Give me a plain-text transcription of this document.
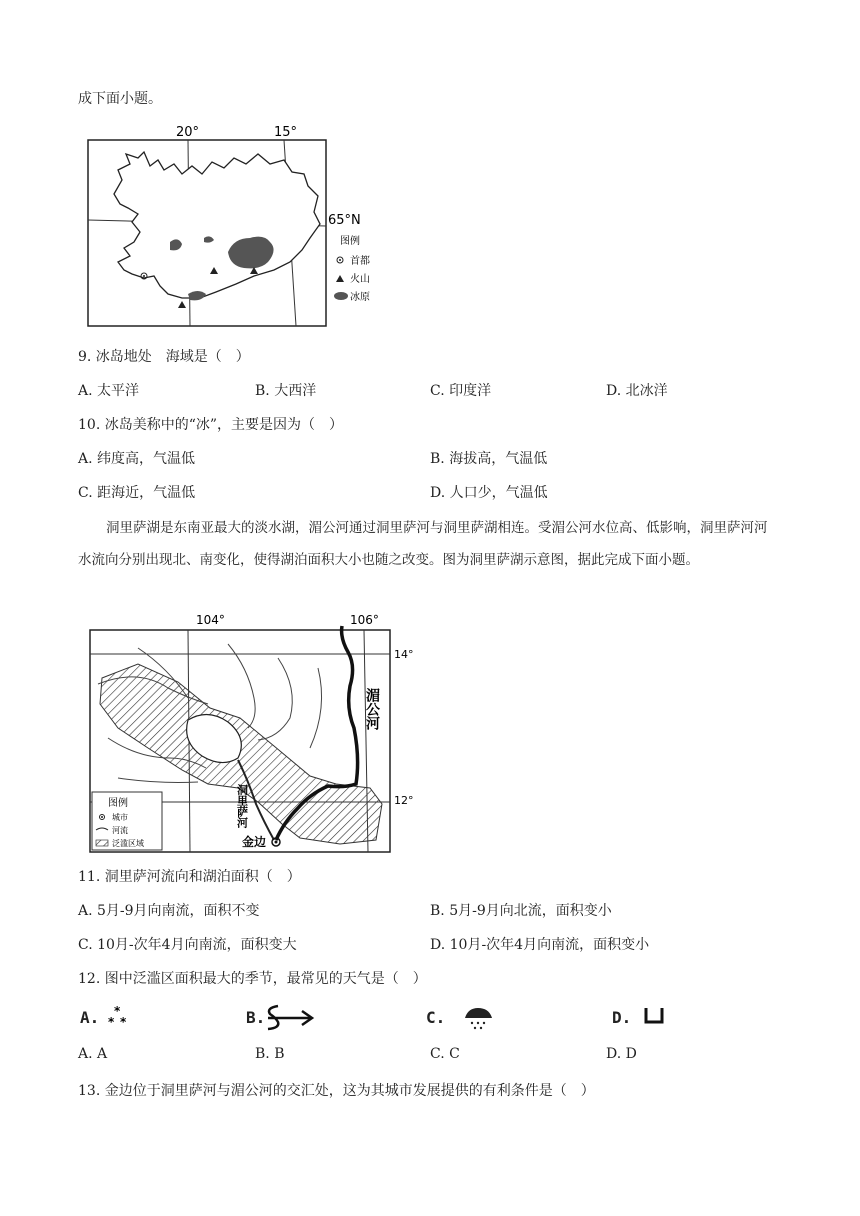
成下面小题。
20°	15°
65°N
图例
首都
火山
冰原
9. 冰岛地处　海域是（　）
A. 太平洋	B. 大西洋	C. 印度洋	D. 北冰洋
10. 冰岛美称中的“冰”，主要是因为（　）
A. 纬度高，气温低	B. 海拔高，气温低
C. 距海近，气温低	D. 人口少，气温低
洞里萨湖是东南亚最大的淡水湖，湄公河通过洞里萨河与洞里萨湖相连。受湄公河水位高、低影响，洞里萨河河水流向分别出现北、南变化，使得湖泊面积大小也随之改变。图为洞里萨湖示意图，据此完成下面小题。
104°	106°
14°
12°
湄公河
洞里萨河
金边
图例
城市
河流
泛滥区域
11. 洞里萨河流向和湖泊面积（　）
A. 5月-9月向南流，面积不变	B. 5月-9月向北流，面积变小
C. 10月-次年4月向南流，面积变大	D. 10月-次年4月向南流，面积变小
12. 图中泛滥区面积最大的季节，最常见的天气是（　）
A. *
* *	B.	C.	D.
A. A	B. B	C. C	D. D
13. 金边位于洞里萨河与湄公河的交汇处，这为其城市发展提供的有利条件是（　）
